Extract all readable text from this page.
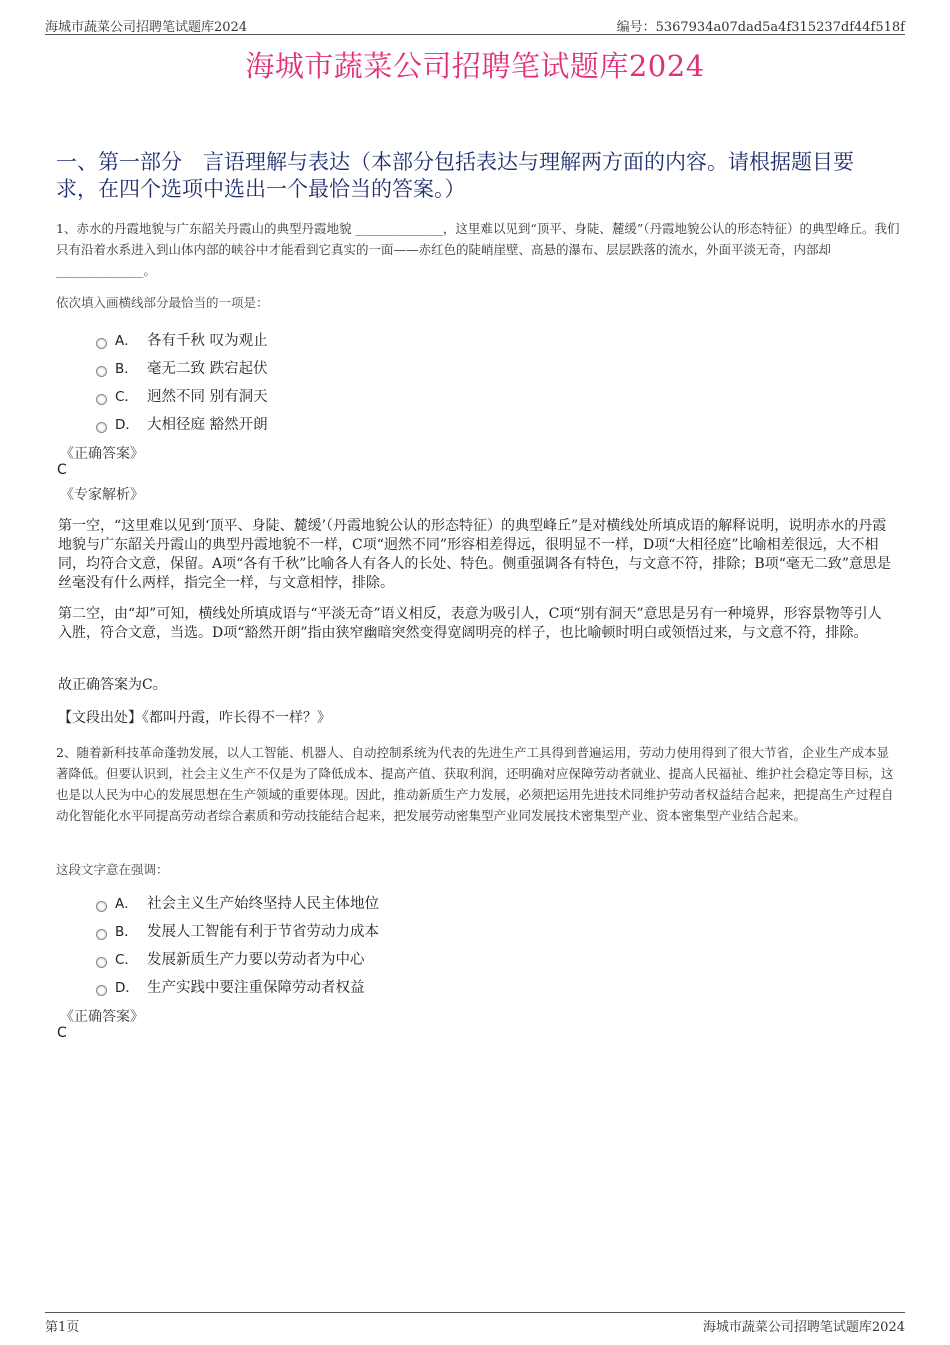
海城市蔬菜公司招聘笔试题库2024	编号：5367934a07dad5a4f315237df44f518f
海城市蔬菜公司招聘笔试题库2024
一、第一部分　言语理解与表达（本部分包括表达与理解两方面的内容。请根据题目要求，在四个选项中选出一个最恰当的答案。）
1、赤水的丹霞地貌与广东韶关丹霞山的典型丹霞地貌 ______________，这里难以见到“顶平、身陡、麓缓”（丹霞地貌公认的形态特征）的典型峰丘。我们只有沿着水系进入到山体内部的峡谷中才能看到它真实的一面——赤红色的陡峭崖壁、高悬的瀑布、层层跌落的流水，外面平淡无奇，内部却 ______________。
依次填入画横线部分最恰当的一项是：
A． 各有千秋 叹为观止
B． 毫无二致 跌宕起伏
C． 迥然不同 别有洞天
D． 大相径庭 豁然开朗
《正确答案》
C
《专家解析》
第一空，“这里难以见到‘顶平、身陡、麓缓’（丹霞地貌公认的形态特征）的典型峰丘”是对横线处所填成语的解释说明，说明赤水的丹霞地貌与广东韶关丹霞山的典型丹霞地貌不一样，C项“迥然不同”形容相差得远，很明显不一样，D项“大相径庭”比喻相差很远，大不相同，均符合文意，保留。A项“各有千秋”比喻各人有各人的长处、特色。侧重强调各有特色，与文意不符，排除；B项“毫无二致”意思是丝毫没有什么两样，指完全一样，与文意相悖，排除。
第二空，由“却”可知，横线处所填成语与“平淡无奇”语义相反，表意为吸引人，C项“别有洞天”意思是另有一种境界，形容景物等引人入胜，符合文意，当选。D项“豁然开朗”指由狭窄幽暗突然变得宽阔明亮的样子，也比喻顿时明白或领悟过来，与文意不符，排除。
故正确答案为C。
【文段出处】《都叫丹霞，咋长得不一样？》
2、随着新科技革命蓬勃发展，以人工智能、机器人、自动控制系统为代表的先进生产工具得到普遍运用，劳动力使用得到了很大节省，企业生产成本显著降低。但要认识到，社会主义生产不仅是为了降低成本、提高产值、获取利润，还明确对应保障劳动者就业、提高人民福祉、维护社会稳定等目标，这也是以人民为中心的发展思想在生产领域的重要体现。因此，推动新质生产力发展，必须把运用先进技术同维护劳动者权益结合起来，把提高生产过程自动化智能化水平同提高劳动者综合素质和劳动技能结合起来，把发展劳动密集型产业同发展技术密集型产业、资本密集型产业结合起来。
这段文字意在强调：
A． 社会主义生产始终坚持人民主体地位
B． 发展人工智能有利于节省劳动力成本
C． 发展新质生产力要以劳动者为中心
D． 生产实践中要注重保障劳动者权益
《正确答案》
C
第1页	海城市蔬菜公司招聘笔试题库2024
